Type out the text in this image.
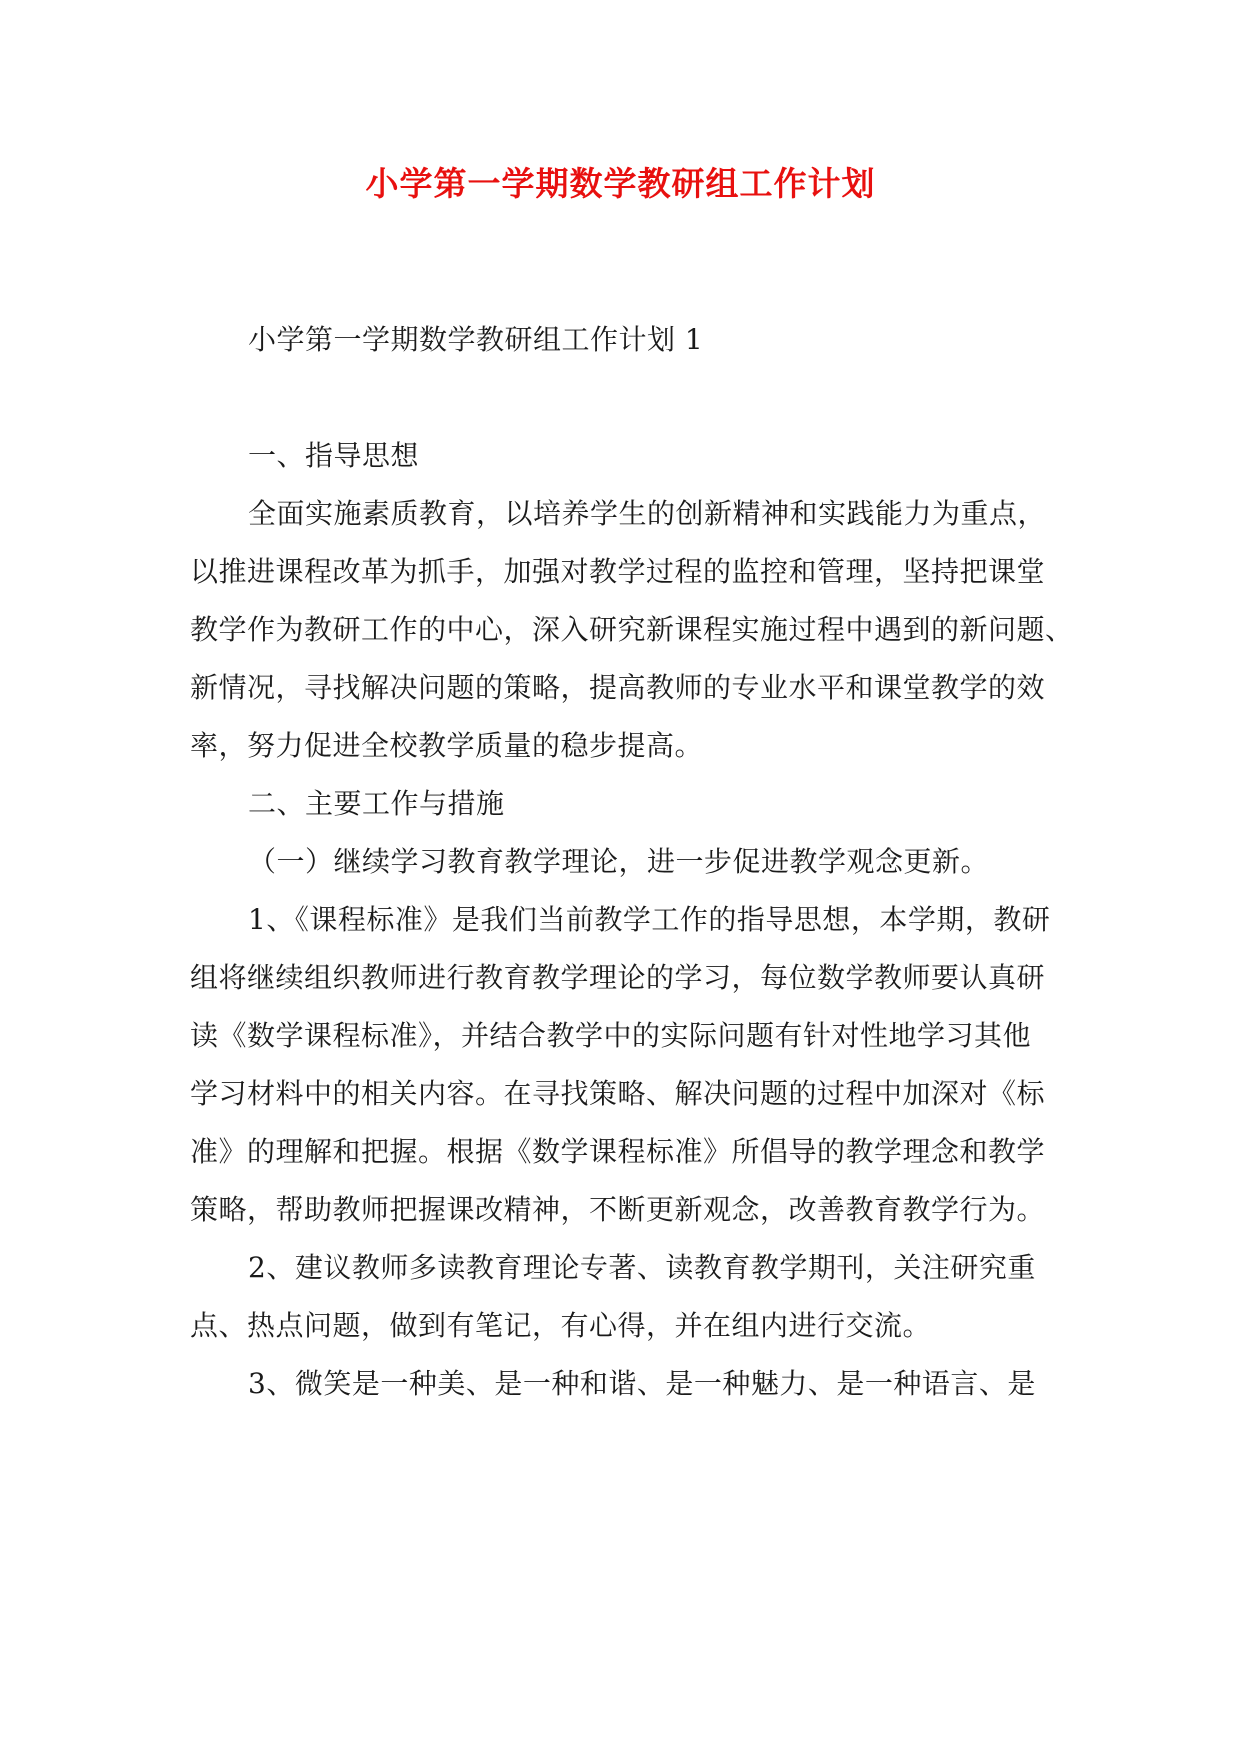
小学第一学期数学教研组工作计划

小学第一学期数学教研组工作计划 1

一、指导思想

全面实施素质教育，以培养学生的创新精神和实践能力为重点，

以推进课程改革为抓手，加强对教学过程的监控和管理，坚持把课堂

教学作为教研工作的中心，深入研究新课程实施过程中遇到的新问题、

新情况，寻找解决问题的策略，提高教师的专业水平和课堂教学的效

率，努力促进全校教学质量的稳步提高。

二、主要工作与措施

（一）继续学习教育教学理论，进一步促进教学观念更新。

1、《课程标准》是我们当前教学工作的指导思想，本学期，教研

组将继续组织教师进行教育教学理论的学习，每位数学教师要认真研

读《数学课程标准》，并结合教学中的实际问题有针对性地学习其他

学习材料中的相关内容。在寻找策略、解决问题的过程中加深对《标

准》的理解和把握。根据《数学课程标准》所倡导的教学理念和教学

策略，帮助教师把握课改精神，不断更新观念，改善教育教学行为。

2、建议教师多读教育理论专著、读教育教学期刊，关注研究重

点、热点问题，做到有笔记，有心得，并在组内进行交流。

3、微笑是一种美、是一种和谐、是一种魅力、是一种语言、是
